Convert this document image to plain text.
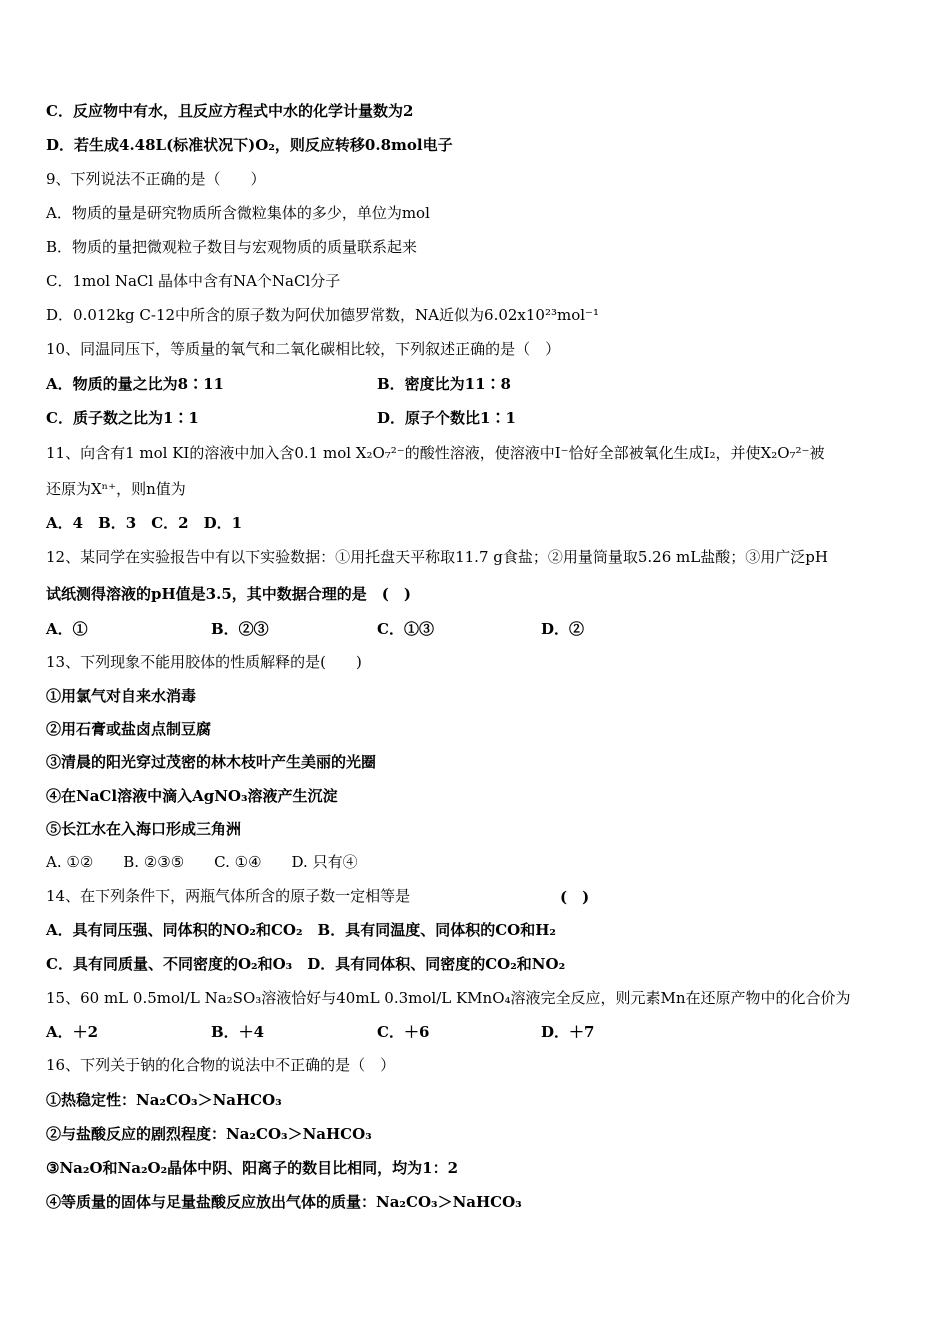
C．反应物中有水，且反应方程式中水的化学计量数为2
D．若生成4.48L(标准状况下)O₂，则反应转移0.8mol电子
9、下列说法不正确的是（　　）
A．物质的量是研究物质所含微粒集体的多少，单位为mol
B．物质的量把微观粒子数目与宏观物质的质量联系起来
C．1mol NaCl 晶体中含有NA个NaCl分子
D．0.012kg C-12中所含的原子数为阿伏加德罗常数，NA近似为6.02x10²³mol⁻¹
10、同温同压下，等质量的氧气和二氧化碳相比较，下列叙述正确的是（　）
A．物质的量之比为8∶11	B．密度比为11∶8
C．质子数之比为1∶1	D．原子个数比1∶1
11、向含有1 mol KI的溶液中加入含0.1 mol X₂O₇²⁻的酸性溶液，使溶液中I⁻恰好全部被氧化生成I₂，并使X₂O₇²⁻被
还原为Xⁿ⁺，则n值为
A．4　B．3　C．2　D．1
12、某同学在实验报告中有以下实验数据：①用托盘天平称取11.7 g食盐；②用量筒量取5.26 mL盐酸；③用广泛pH
试纸测得溶液的pH值是3.5，其中数据合理的是　(　)
A．①	B．②③	C．①③	D．②
13、下列现象不能用胶体的性质解释的是(　　)
①用氯气对自来水消毒
②用石膏或盐卤点制豆腐
③清晨的阳光穿过茂密的林木枝叶产生美丽的光圈
④在NaCl溶液中滴入AgNO₃溶液产生沉淀
⑤长江水在入海口形成三角洲
A. ①②　　B. ②③⑤　　C. ①④　　D. 只有④
14、在下列条件下，两瓶气体所含的原子数一定相等是	(　)
A．具有同压强、同体积的NO₂和CO₂　B．具有同温度、同体积的CO和H₂
C．具有同质量、不同密度的O₂和O₃　D．具有同体积、同密度的CO₂和NO₂
15、60 mL 0.5mol/L Na₂SO₃溶液恰好与40mL 0.3mol/L KMnO₄溶液完全反应，则元素Mn在还原产物中的化合价为
A．＋2	B．＋4	C．＋6	D．＋7
16、下列关于钠的化合物的说法中不正确的是（　）
①热稳定性：Na₂CO₃＞NaHCO₃
②与盐酸反应的剧烈程度：Na₂CO₃＞NaHCO₃
③Na₂O和Na₂O₂晶体中阴、阳离子的数目比相同，均为1：2
④等质量的固体与足量盐酸反应放出气体的质量：Na₂CO₃＞NaHCO₃
